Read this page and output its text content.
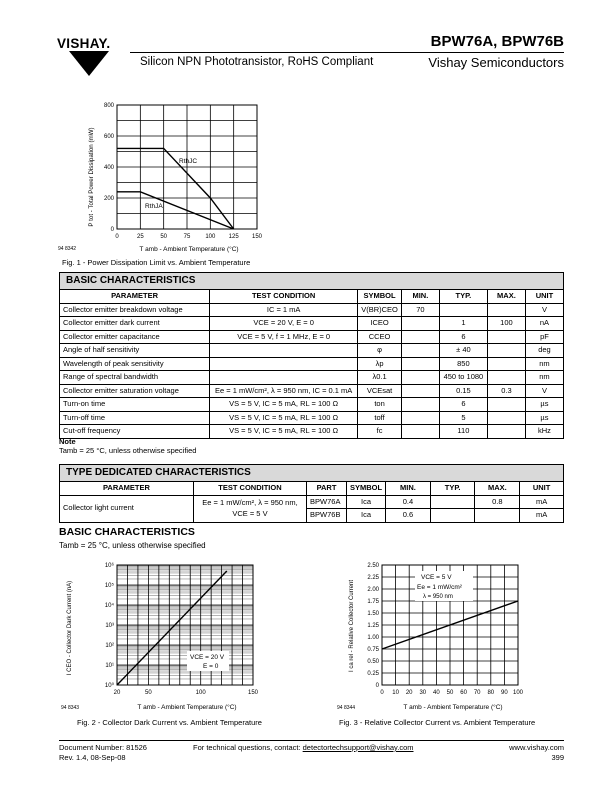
VISHAY.	BPW76A, BPW76B
Silicon NPN Phototransistor, RoHS Compliant	Vishay Semiconductors
P tot - Total Power Dissipation (mW)
0
200
400
600
800
0	25	50	75 100 125 150
RthJC
RthJA
94 8342	T amb - Ambient Temperature (°C)
Fig. 1 - Power Dissipation Limit vs. Ambient Temperature
BASIC CHARACTERISTICS						
PARAMETER	TEST CONDITION	SYMBOL	MIN.	TYP.	MAX.	UNIT
Collector emitter breakdown voltage	IC = 1 mA	V(BR)CEO	70			V
Collector emitter dark current	VCE = 20 V, E = 0	ICEO		1	100	nA
Collector emitter capacitance	VCE = 5 V, f = 1 MHz, E = 0	CCEO		6		pF
Angle of half sensitivity		φ		± 40		deg
Wavelength of peak sensitivity		λp		850		nm
Range of spectral bandwidth		λ0.1		450 to 1080		nm
Collector emitter saturation voltage	Ee = 1 mW/cm², λ = 950 nm, IC = 0.1 mA	VCEsat		0.15	0.3	V
Turn-on time	VS = 5 V, IC = 5 mA, RL = 100 Ω	ton		6		µs
Turn-off time	VS = 5 V, IC = 5 mA, RL = 100 Ω	toff		5		µs
Cut-off frequency	VS = 5 V, IC = 5 mA, RL = 100 Ω	fc		110		kHz
Note
Tamb = 25 °C, unless otherwise specified
TYPE DEDICATED CHARACTERISTICS							
PARAMETER	TEST CONDITION	PART	SYMBOL	MIN.	TYP.	MAX.	UNIT
Collector light current	Ee = 1 mW/cm², λ = 950 nm,
VCE = 5 V	BPW76A	Ica	0.4		0.8	mA
		BPW76B	Ica	0.6			mA
BASIC CHARACTERISTICS
Tamb = 25 °C, unless otherwise specified
I CEO - Collector Dark Current (nA)
10⁰
10¹
10²
10³
10⁴
10⁵
10⁶
20	50	100	150
VCE = 20 V
E = 0
94 8343	T amb - Ambient Temperature (°C)
Fig. 2 - Collector Dark Current vs. Ambient Temperature
I ca rel - Relative Collector Current
0
0.25
0.50
0.75
1.00
1.25
1.50
1.75
2.00
2.25
2.50
0 10 20 30 40 50 60 70 80 90 100
VCE = 5 V
Ee = 1 mW/cm²
λ = 950 nm
94 8344	T amb - Ambient Temperature (°C)
Fig. 3 - Relative Collector Current vs. Ambient Temperature
Document Number: 81526
Rev. 1.4, 08-Sep-08
For technical questions, contact: detectortechsupport@vishay.com	www.vishay.com
399
